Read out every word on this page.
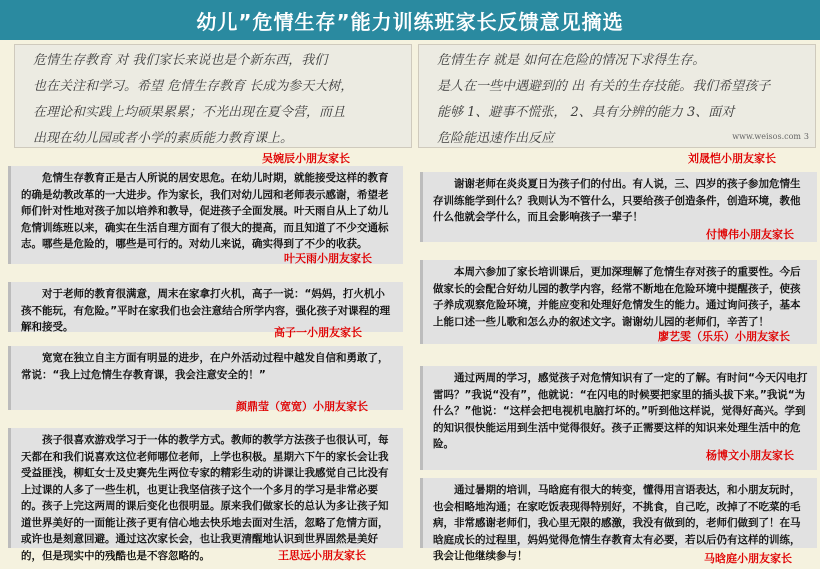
幼儿”危情生存”能力训练班家长反馈意见摘选

危情生存教育 对 我们家长来说也是个新东西，我们

也在关注和学习。希望 危情生存教育 长成为参天大树，

在理论和实践上均硕果累累；不光出现在夏令营，而且

出现在幼儿园或者小学的素质能力教育课上。

吴婉辰小朋友家长

危情生存 就是 如何在危险的情况下求得生存。

是人在一些中遇避到的 出 有关的生存技能。我们希望孩子

能够 1、避事不慌张， 2、具有分辨的能力 3、面对

危险能迅速作出反应	www.weisos.com 3
刘晟恺小朋友家长

危情生存教育正是古人所说的居安思危。在幼儿时期，就能接受这样的教育的确是幼教改革的一大进步。作为家长，我们对幼儿园和老师表示感谢，希望老师们针对性地对孩子加以培养和教导，促进孩子全面发展。叶天雨自从上了幼儿危情训练班以来，确实在生活自理方面有了很大的提高，而且知道了不少交通标志。哪些是危险的，哪些是可行的。对幼儿来说，确实得到了不少的收获。

叶天雨小朋友家长

对于老师的教育很满意，周末在家拿打火机，高子一说：“妈妈，打火机小孩不能玩，有危险。”平时在家我们也会注意结合所学内容，强化孩子对课程的理解和接受。	高子一小朋友家长

宽宽在独立自主方面有明显的进步，在户外活动过程中越发自信和勇敢了，常说：“我上过危情生存教育课，我会注意安全的！”

颜鼎莹（宽宽）小朋友家长

孩子很喜欢游戏学习于一体的教学方式。教师的教学方法孩子也很认可，每天都在和我们说喜欢这位老师哪位老师，上学也积极。星期六下午的家长会让我受益匪浅，柳虹女士及史赛先生两位专家的精彩生动的讲课让我感觉自己比没有上过课的人多了一些生机，也更让我坚信孩子这个一个多月的学习是非常必要的。孩子上完这两周的课后变化也很明显。原来我们做家长的总认为多让孩子知道世界美好的一面能让孩子更有信心地去快乐地去面对生活，忽略了危情方面，或许也是刻意回避。通过这次家长会，也让我更清醒地认识到世界固然是美好的，但是现实中的残酷也是不容忽略的。	王思远小朋友家长

谢谢老师在炎炎夏日为孩子们的付出。有人说，三、四岁的孩子参加危情生存训练能学到什么？我则认为不管什么，只要给孩子创造条件，创造环境，教他什么他就会学什么，而且会影响孩子一辈子！

付博伟小朋友家长

本周六参加了家长培训课后，更加深理解了危情生存对孩子的重要性。今后做家长的会配合好幼儿园的教学内容，经常不断地在危险环境中提醒孩子，使孩子养成观察危险环境，并能应变和处理好危情发生的能力。通过询问孩子，基本上能口述一些儿歌和怎么办的叙述文字。谢谢幼儿园的老师们，辛苦了！

廖艺雯（乐乐）小朋友家长

通过两周的学习，感觉孩子对危情知识有了一定的了解。有时问“今天闪电打雷吗？”我说“没有”，他就说：“在闪电的时候要把家里的插头拔下来。”我说“为什么？”他说：“这样会把电视机电脑打坏的。”听到他这样说，觉得好高兴。学到的知识很快能运用到生活中觉得很好。孩子正需要这样的知识来处理生活中的危险。

杨博文小朋友家长

通过暑期的培训，马晗庭有很大的转变，懂得用言语表达，和小朋友玩时，也会相略地沟通；在家吃饭表现得特别好，不挑食，自己吃，改掉了不吃菜的毛病，非常感谢老师们，我心里无限的感激，我没有做到的，老师们做到了！在马晗庭成长的过程里，妈妈觉得危情生存教育太有必要，若以后仍有这样的训练，我会让他继续参与！	马晗庭小朋友家长
